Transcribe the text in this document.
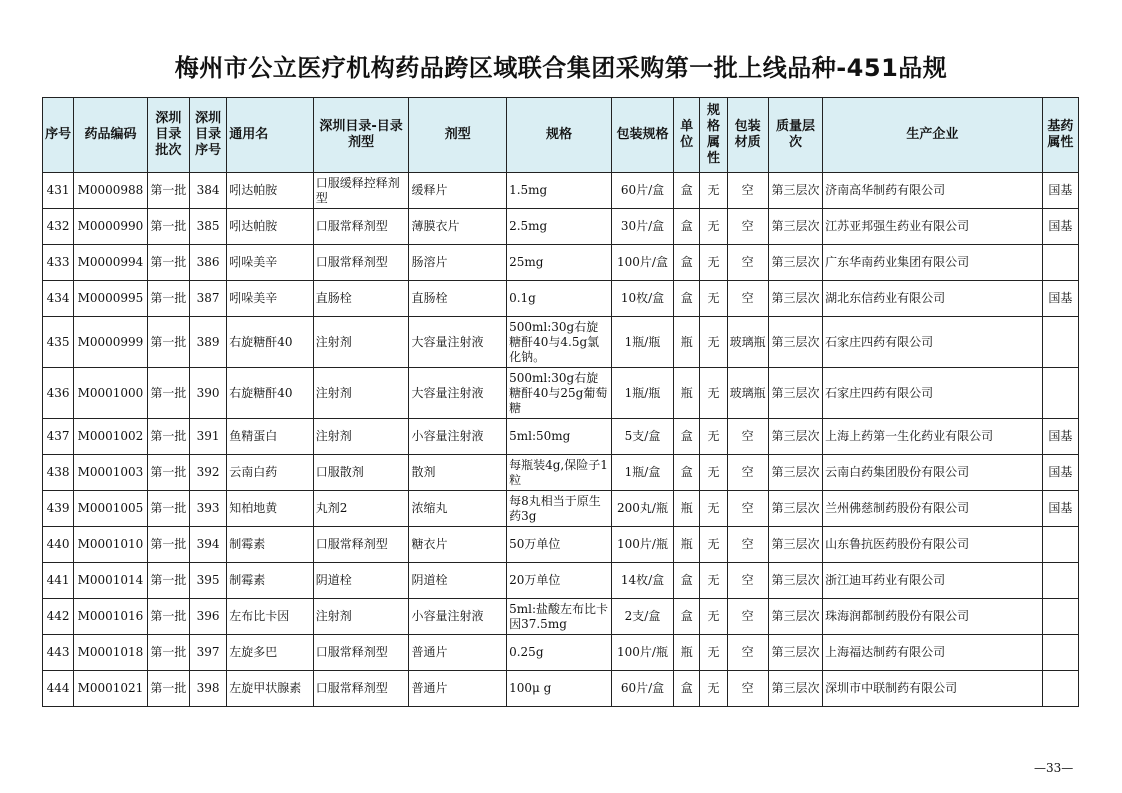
梅州市公立医疗机构药品跨区域联合集团采购第一批上线品种-451品规
序号	药品编码	深圳目录批次	深圳目录序号	通用名	深圳目录-目录剂型	剂型	规格	包装规格	单位	规格属性	包装材质	质量层次	生产企业	基药属性
431	M0000988	第一批	384	吲达帕胺	口服缓释控释剂型	缓释片	1.5mg	60片/盒	盒	无	空	第三层次	济南高华制药有限公司	国基
432	M0000990	第一批	385	吲达帕胺	口服常释剂型	薄膜衣片	2.5mg	30片/盒	盒	无	空	第三层次	江苏亚邦强生药业有限公司	国基
433	M0000994	第一批	386	吲哚美辛	口服常释剂型	肠溶片	25mg	100片/盒	盒	无	空	第三层次	广东华南药业集团有限公司	
434	M0000995	第一批	387	吲哚美辛	直肠栓	直肠栓	0.1g	10枚/盒	盒	无	空	第三层次	湖北东信药业有限公司	国基
435	M0000999	第一批	389	右旋糖酐40	注射剂	大容量注射液	500ml:30g右旋糖酐40与4.5g氯化钠。	1瓶/瓶	瓶	无	玻璃瓶	第三层次	石家庄四药有限公司	
436	M0001000	第一批	390	右旋糖酐40	注射剂	大容量注射液	500ml:30g右旋糖酐40与25g葡萄糖	1瓶/瓶	瓶	无	玻璃瓶	第三层次	石家庄四药有限公司	
437	M0001002	第一批	391	鱼精蛋白	注射剂	小容量注射液	5ml:50mg	5支/盒	盒	无	空	第三层次	上海上药第一生化药业有限公司	国基
438	M0001003	第一批	392	云南白药	口服散剂	散剂	每瓶装4g,保险子1粒	1瓶/盒	盒	无	空	第三层次	云南白药集团股份有限公司	国基
439	M0001005	第一批	393	知柏地黄	丸剂2	浓缩丸	每8丸相当于原生药3g	200丸/瓶	瓶	无	空	第三层次	兰州佛慈制药股份有限公司	国基
440	M0001010	第一批	394	制霉素	口服常释剂型	糖衣片	50万单位	100片/瓶	瓶	无	空	第三层次	山东鲁抗医药股份有限公司	
441	M0001014	第一批	395	制霉素	阴道栓	阴道栓	20万单位	14枚/盒	盒	无	空	第三层次	浙江迪耳药业有限公司	
442	M0001016	第一批	396	左布比卡因	注射剂	小容量注射液	5ml:盐酸左布比卡因37.5mg	2支/盒	盒	无	空	第三层次	珠海润都制药股份有限公司	
443	M0001018	第一批	397	左旋多巴	口服常释剂型	普通片	0.25g	100片/瓶	瓶	无	空	第三层次	上海福达制药有限公司	
444	M0001021	第一批	398	左旋甲状腺素	口服常释剂型	普通片	100μ g	60片/盒	盒	无	空	第三层次	深圳市中联制药有限公司	
—33—
